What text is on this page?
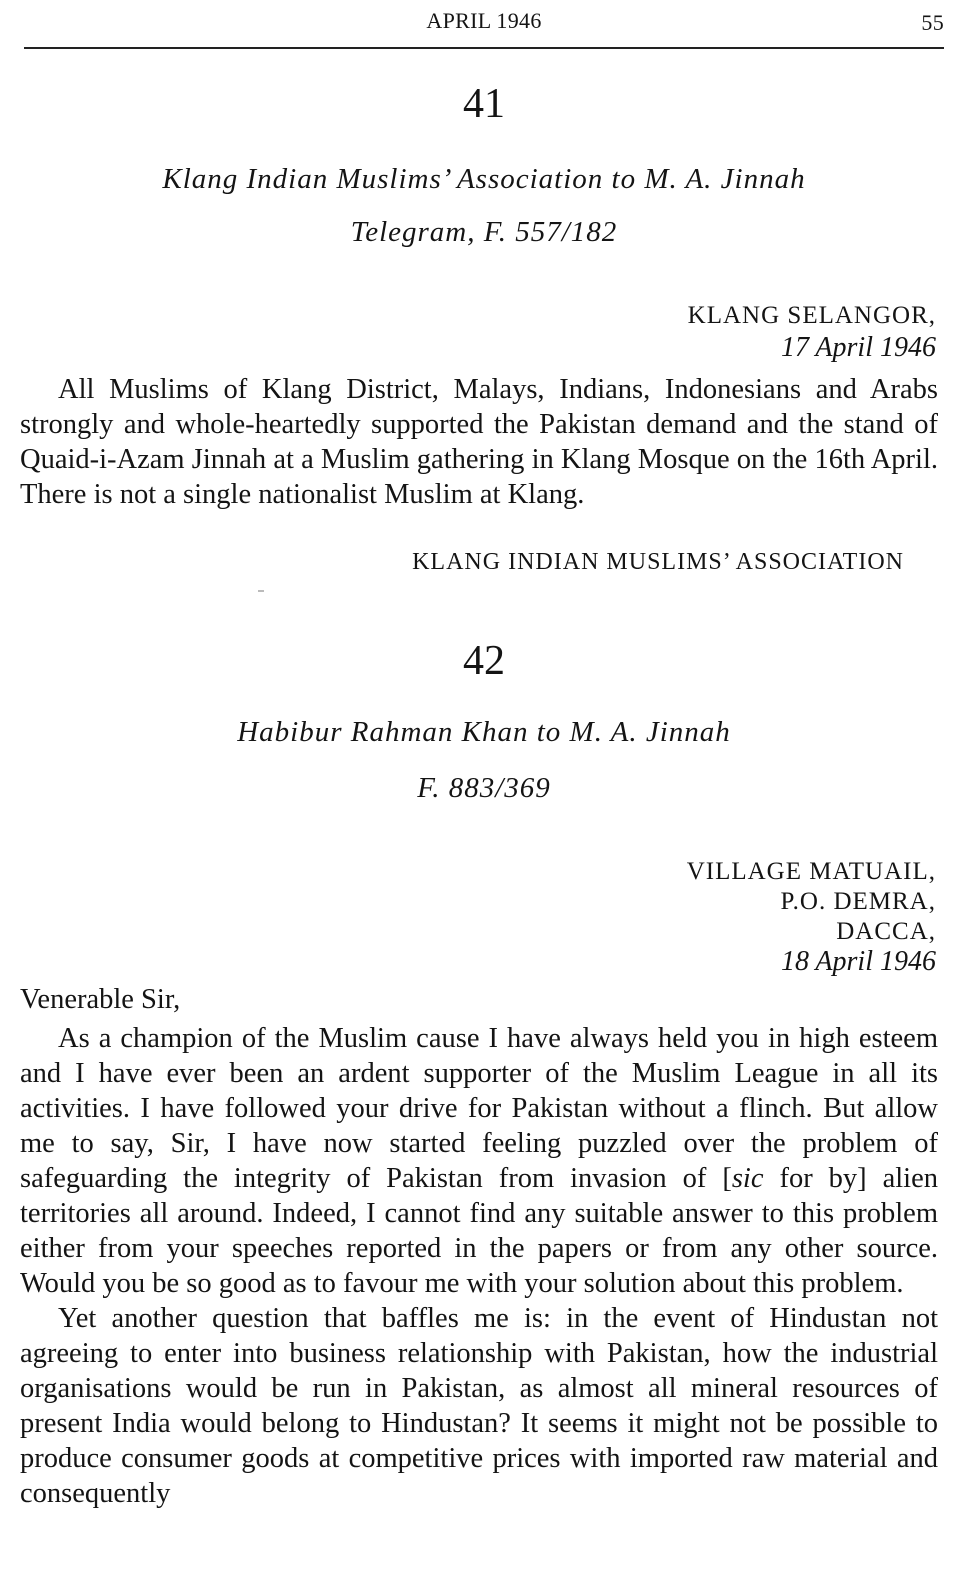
APRIL 1946	55
41
Klang Indian Muslims’ Association to M. A. Jinnah
Telegram, F. 557/182
KLANG SELANGOR,
17 April 1946

All Muslims of Klang District, Malays, Indians, Indonesians and Arabs strongly and whole-heartedly supported the Pakistan demand and the stand of Quaid-i-Azam Jinnah at a Muslim gathering in Klang Mosque on the 16th April. There is not a single nationalist Muslim at Klang.

KLANG INDIAN MUSLIMS’ ASSOCIATION
42
Habibur Rahman Khan to M. A. Jinnah
F. 883/369
VILLAGE MATUAIL,
P.O. DEMRA,
DACCA,
18 April 1946
Venerable Sir,

As a champion of the Muslim cause I have always held you in high esteem and I have ever been an ardent supporter of the Muslim League in all its activities. I have followed your drive for Pakistan without a flinch. But allow me to say, Sir, I have now started feeling puzzled over the problem of safeguarding the integrity of Pakistan from invasion of [sic for by] alien territories all around. Indeed, I cannot find any suitable answer to this problem either from your speeches reported in the papers or from any other source. Would you be so good as to favour me with your solution about this problem.

Yet another question that baffles me is: in the event of Hindustan not agreeing to enter into business relationship with Pakistan, how the industrial organisations would be run in Pakistan, as almost all mineral resources of present India would belong to Hindustan? It seems it might not be possible to produce consumer goods at competitive prices with imported raw material and consequently
